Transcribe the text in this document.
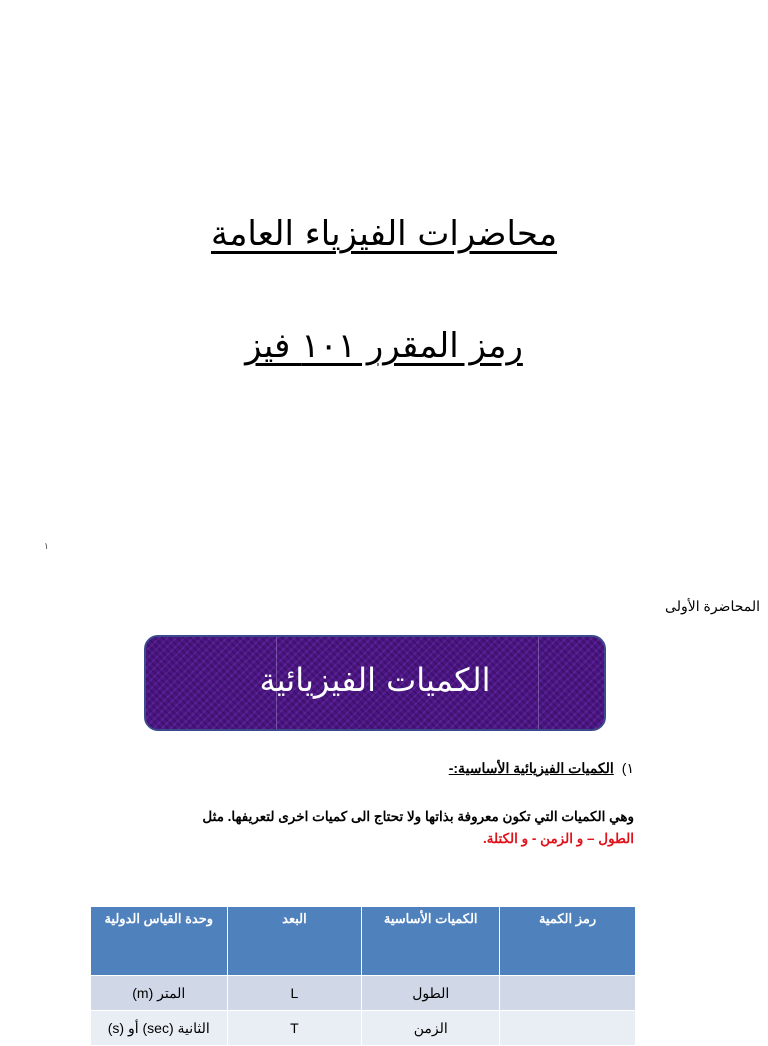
محاضرات الفيزياء العامة
رمز المقرر ١٠١ فيز
١
المحاضرة الأولى
الكميات الفيزيائية
١)الكميات الفيزيائية الأساسية:-
وهي الكميات التي تكون معروفة بذاتها ولا تحتاج الى كميات اخرى لتعريفها. مثل
الطول – و الزمن - و الكتلة.
رمز الكمية	الكميات الأساسية	البعد	وحدة القياس الدولية
	الطول	L	المتر (m)
	الزمن	T	الثانية (sec) أو (s)
